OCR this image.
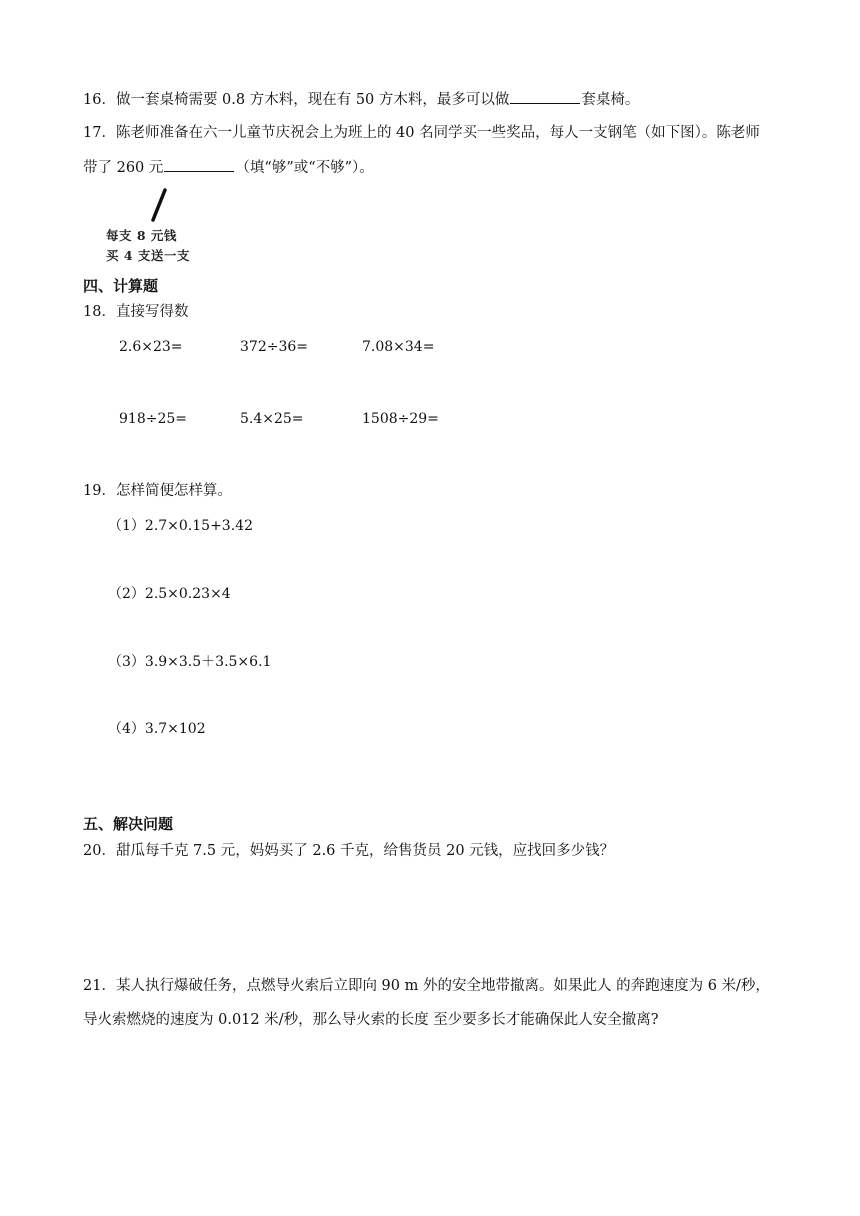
16．做一套桌椅需要 0.8 方木料，现在有 50 方木料，最多可以做	套桌椅。
17．陈老师准备在六一儿童节庆祝会上为班上的 40 名同学买一些奖品，每人一支钢笔（如下图）。陈老师
带了 260 元	（填“够”或“不够”）。
每支 8 元钱
买 4 支送一支
四、计算题
18．直接写得数
2.6×23=	372÷36=	7.08×34=
918÷25=	5.4×25=	1508÷29=
19．怎样简便怎样算。
（1）2.7×0.15+3.42
（2）2.5×0.23×4
（3）3.9×3.5＋3.5×6.1
（4）3.7×102
五、解决问题
20．甜瓜每千克 7.5 元，妈妈买了 2.6 千克，给售货员 20 元钱，应找回多少钱？
21．某人执行爆破任务，点燃导火索后立即向 90 m 外的安全地带撤离。如果此人 的奔跑速度为 6 米/秒，
导火索燃烧的速度为 0.012 米/秒，那么导火索的长度 至少要多长才能确保此人安全撤离?
